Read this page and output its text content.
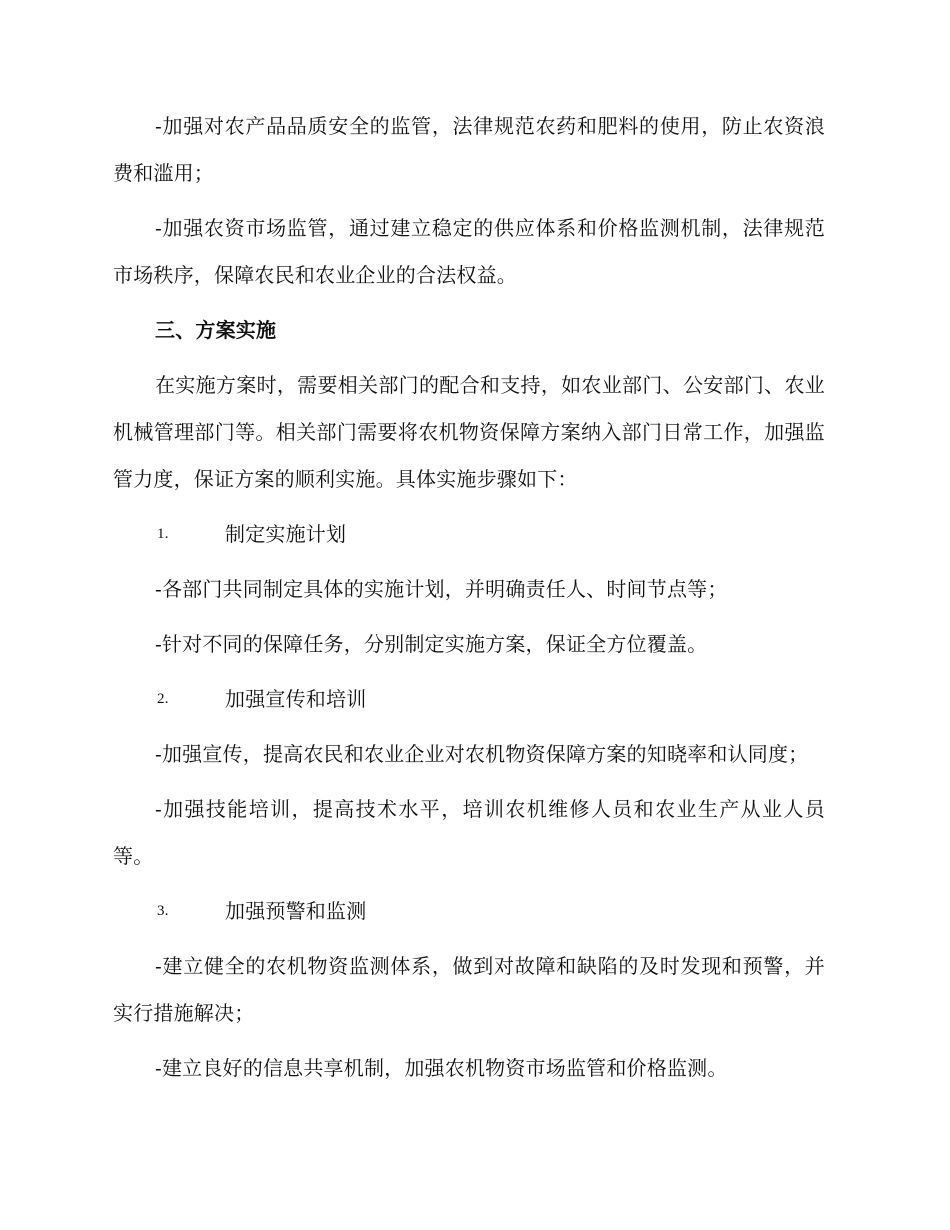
-加强对农产品品质安全的监管，法律规范农药和肥料的使用，防止农资浪费和滥用；

-加强农资市场监管，通过建立稳定的供应体系和价格监测机制，法律规范市场秩序，保障农民和农业企业的合法权益。

三、方案实施

在实施方案时，需要相关部门的配合和支持，如农业部门、公安部门、农业机械管理部门等。相关部门需要将农机物资保障方案纳入部门日常工作，加强监管力度，保证方案的顺利实施。具体实施步骤如下：

1.	制定实施计划

-各部门共同制定具体的实施计划，并明确责任人、时间节点等；

-针对不同的保障任务，分别制定实施方案，保证全方位覆盖。

2.	加强宣传和培训

-加强宣传，提高农民和农业企业对农机物资保障方案的知晓率和认同度；

-加强技能培训，提高技术水平，培训农机维修人员和农业生产从业人员等。

3.	加强预警和监测

-建立健全的农机物资监测体系，做到对故障和缺陷的及时发现和预警，并实行措施解决；

-建立良好的信息共享机制，加强农机物资市场监管和价格监测。
